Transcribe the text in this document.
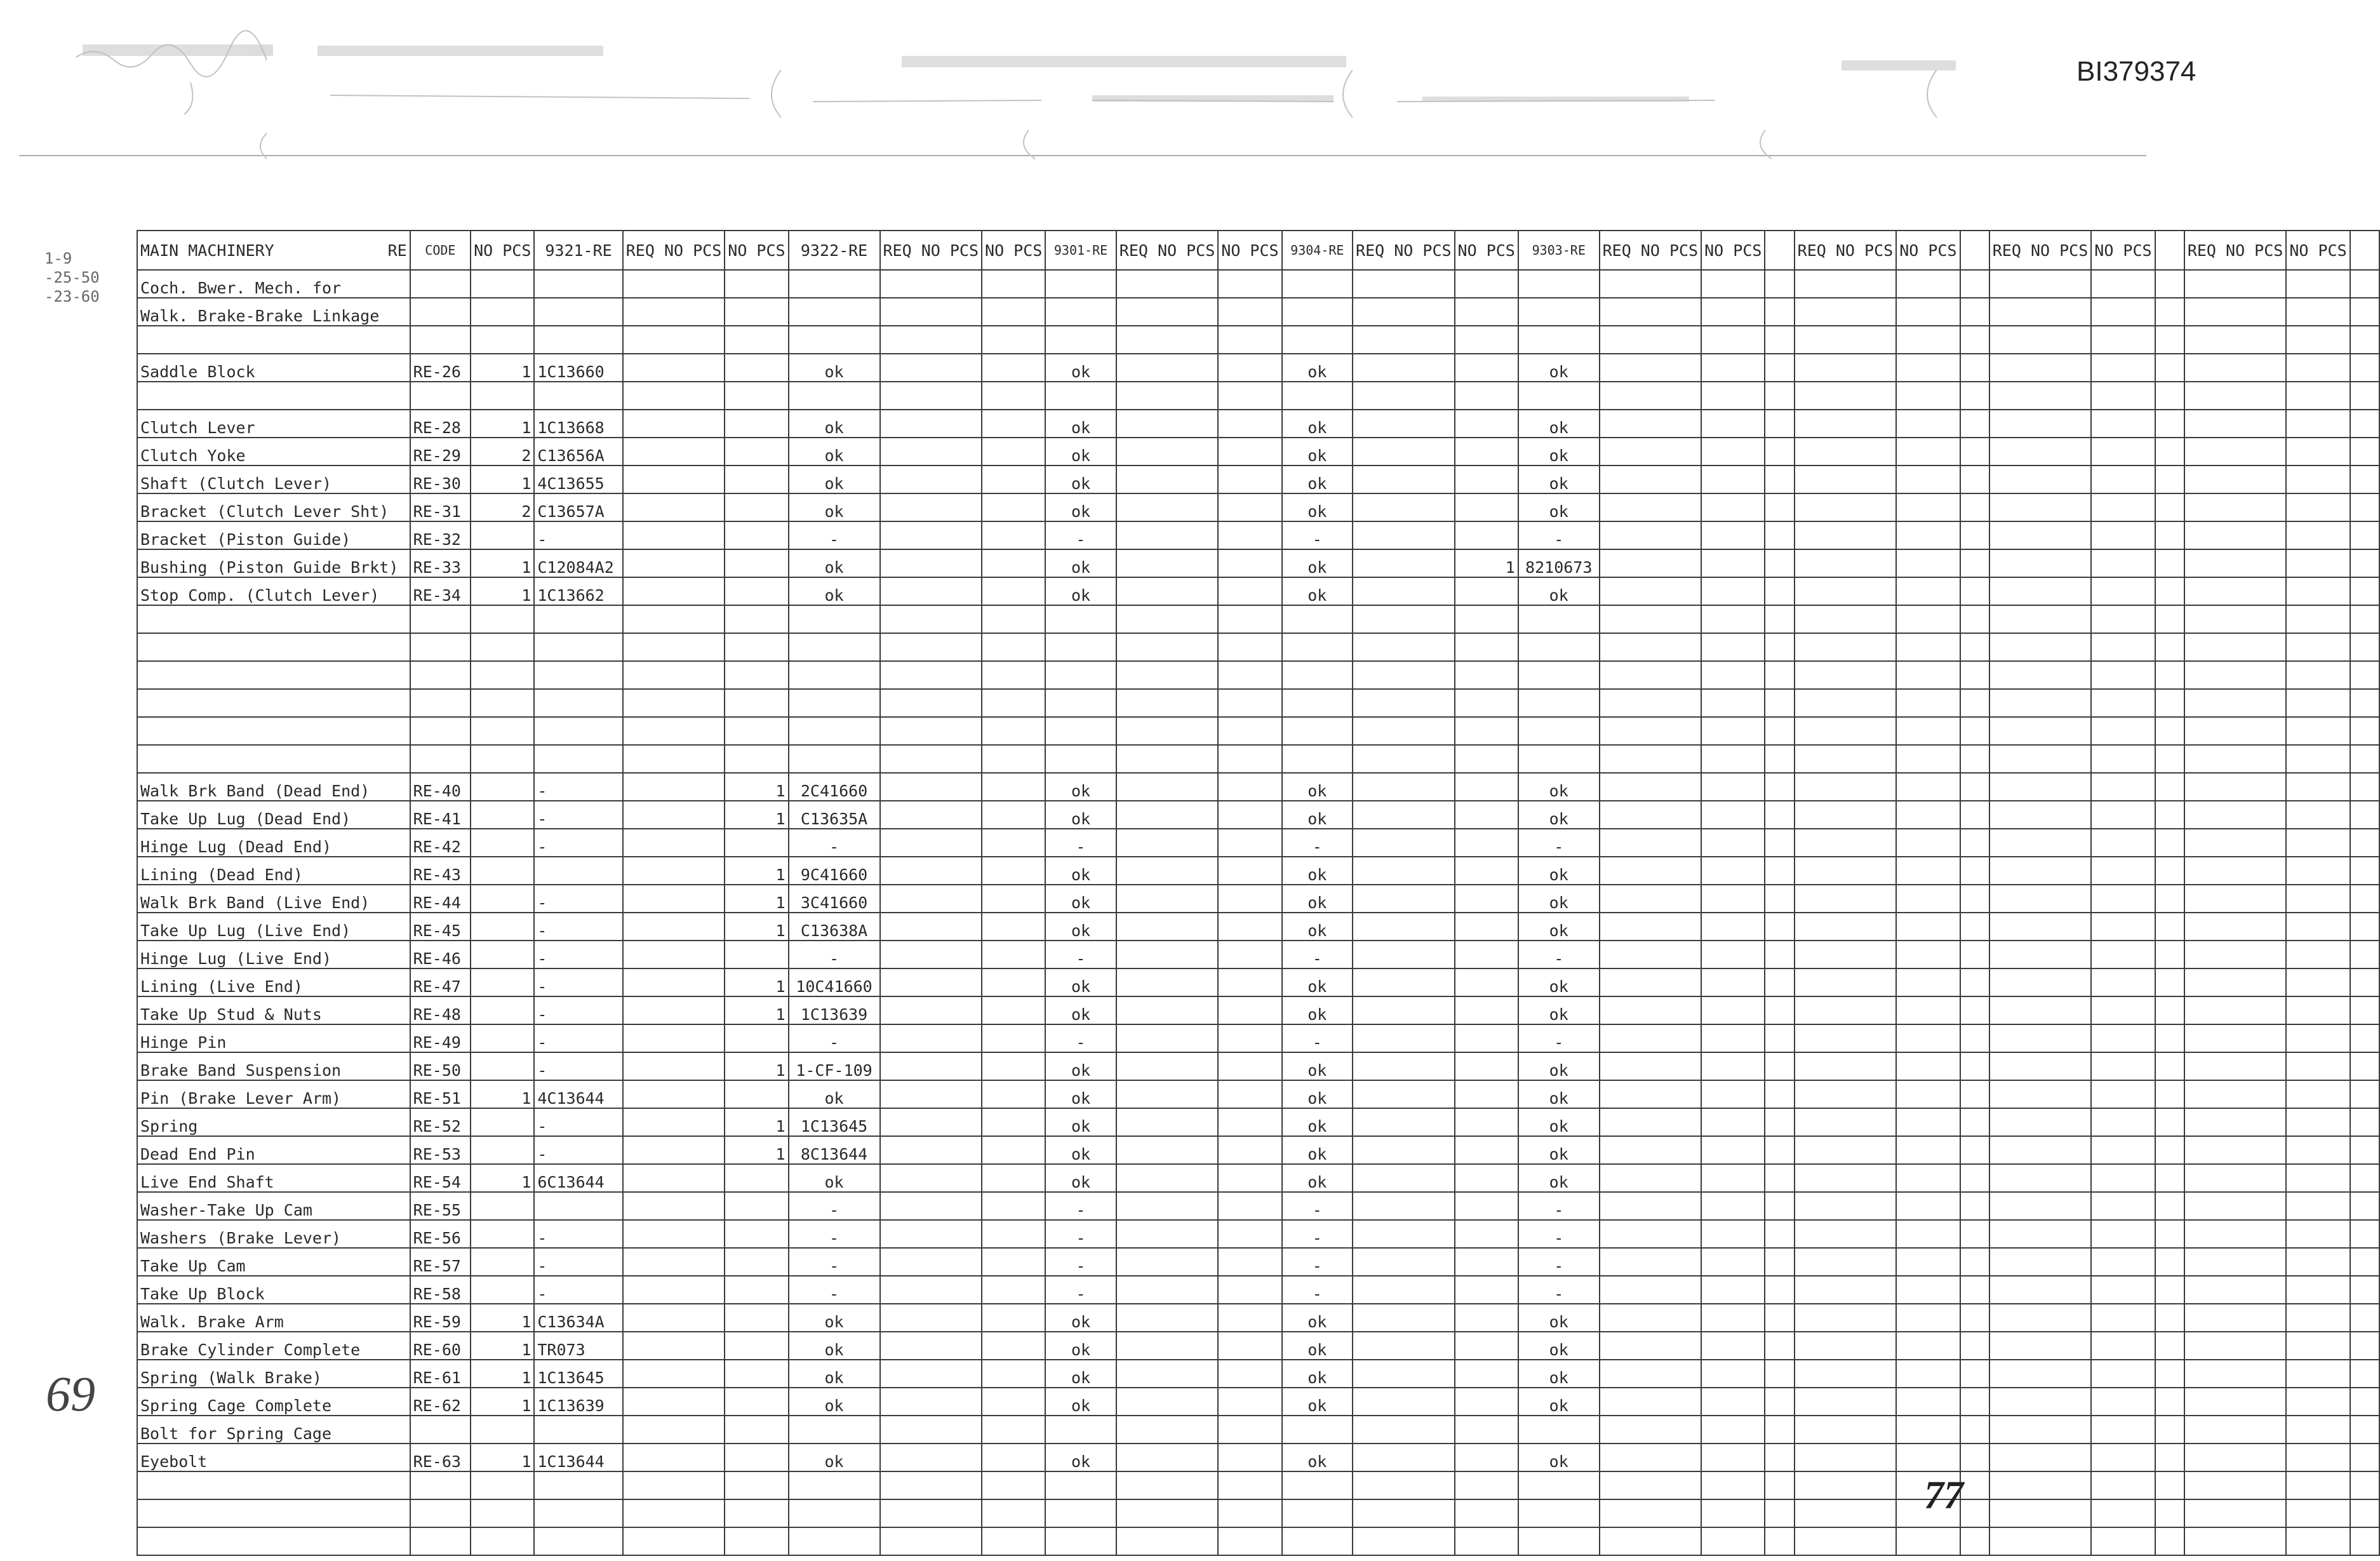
BI379374
1-9
-25-50
-23-60
MAIN MACHINERY RE	CODE	NO PCS	9321-RE	REQ NO PCS	NO PCS	9322-RE	REQ NO PCS	NO PCS	9301-RE	REQ NO PCS	NO PCS	9304-RE	REQ NO PCS	NO PCS	9303-RE	REQ NO PCS	NO PCS		REQ NO PCS	NO PCS		REQ NO PCS	NO PCS		REQ NO PCS	NO PCS	
Coch. Bwer. Mech. for																											
Walk. Brake-Brake Linkage																											

Saddle Block	RE-26	1	1C13660			ok			ok			ok			ok												

Clutch Lever	RE-28	1	1C13668			ok			ok			ok			ok												
Clutch Yoke	RE-29	2	C13656A			ok			ok			ok			ok												
Shaft (Clutch Lever)	RE-30	1	4C13655			ok			ok			ok			ok												
Bracket (Clutch Lever Sht)	RE-31	2	C13657A			ok			ok			ok			ok												
Bracket (Piston Guide)	RE-32		-			-			-			-			-												
Bushing (Piston Guide Brkt)	RE-33	1	C12084A2			ok			ok			ok		1	8210673												
Stop Comp. (Clutch Lever)	RE-34	1	1C13662			ok			ok			ok			ok												

Walk Brk Band (Dead End)	RE-40		-		1	2C41660			ok			ok			ok												
Take Up Lug (Dead End)	RE-41		-		1	C13635A			ok			ok			ok												
Hinge Lug (Dead End)	RE-42		-			-			-			-			-												
Lining (Dead End)	RE-43				1	9C41660			ok			ok			ok												
Walk Brk Band (Live End)	RE-44		-		1	3C41660			ok			ok			ok												
Take Up Lug (Live End)	RE-45		-		1	C13638A			ok			ok			ok												
Hinge Lug (Live End)	RE-46		-			-			-			-			-												
Lining (Live End)	RE-47		-		1	10C41660			ok			ok			ok												
Take Up Stud & Nuts	RE-48		-		1	1C13639			ok			ok			ok												
Hinge Pin	RE-49		-			-			-			-			-												
Brake Band Suspension	RE-50		-		1	1-CF-109			ok			ok			ok												
Pin (Brake Lever Arm)	RE-51	1	4C13644			ok			ok			ok			ok												
Spring	RE-52		-		1	1C13645			ok			ok			ok												
Dead End Pin	RE-53		-		1	8C13644			ok			ok			ok												
Live End Shaft	RE-54	1	6C13644			ok			ok			ok			ok												
Washer-Take Up Cam	RE-55					-			-			-			-												
Washers (Brake Lever)	RE-56		-			-			-			-			-												
Take Up Cam	RE-57		-			-			-			-			-												
Take Up Block	RE-58		-			-			-			-			-												
Walk. Brake Arm	RE-59	1	C13634A			ok			ok			ok			ok												
Brake Cylinder Complete	RE-60	1	TR073			ok			ok			ok			ok												
Spring (Walk Brake)	RE-61	1	1C13645			ok			ok			ok			ok												
Spring Cage Complete	RE-62	1	1C13639			ok			ok			ok			ok												
Bolt for Spring Cage																											
Eyebolt	RE-63	1	1C13644			ok			ok			ok			ok												

69
77
